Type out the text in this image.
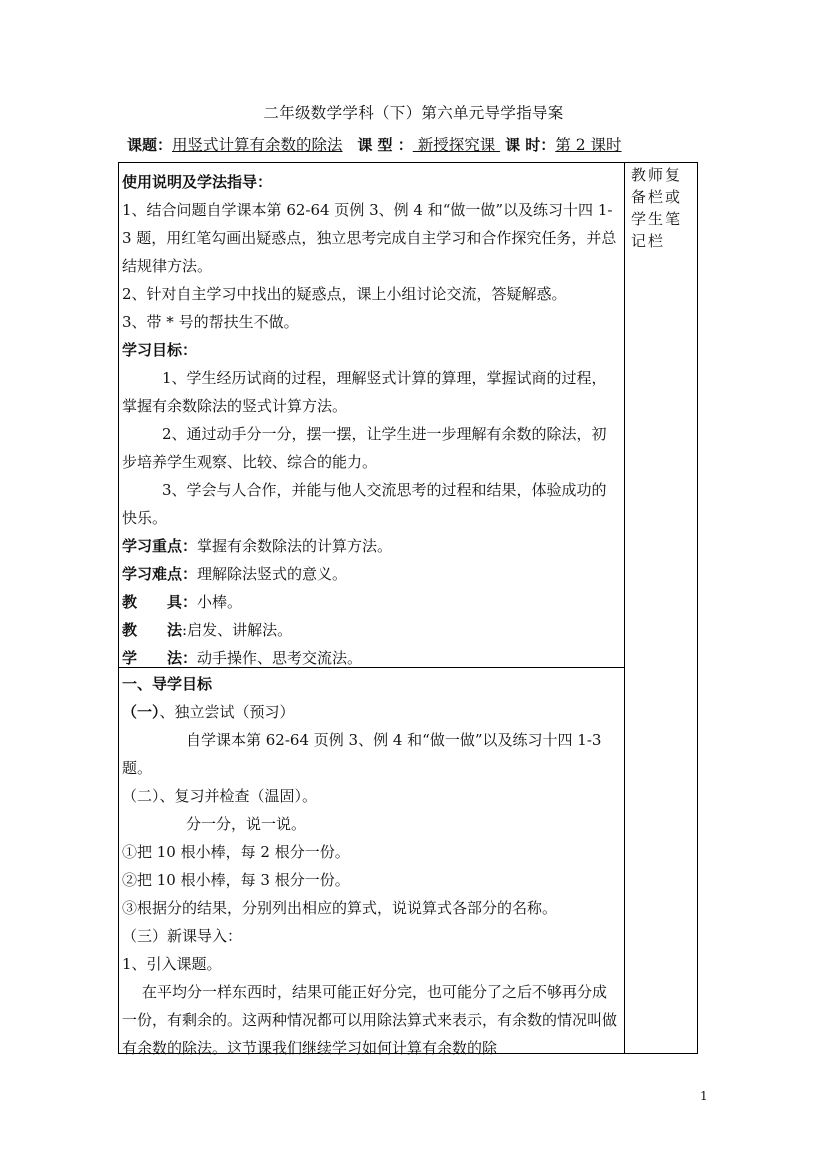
二年级数学学科（下）第六单元导学指导案
课题：用竖式计算有余数的除法 课 型 ： 新授探究课  课 时：第 2 课时
教师复备栏或学生笔记栏

使用说明及学法指导：

1、结合问题自学课本第 62-64 页例 3、例 4 和“做一做”以及练习十四 1-3 题，用红笔勾画出疑惑点，独立思考完成自主学习和合作探究任务，并总结规律方法。

2、针对自主学习中找出的疑惑点，课上小组讨论交流，答疑解惑。

3、带 * 号的帮扶生不做。

学习目标：

1、学生经历试商的过程，理解竖式计算的算理，掌握试商的过程，掌握有余数除法的竖式计算方法。

2、通过动手分一分，摆一摆，让学生进一步理解有余数的除法，初步培养学生观察、比较、综合的能力。

3、学会与人合作，并能与他人交流思考的过程和结果，体验成功的快乐。

学习重点：掌握有余数除法的计算方法。

学习难点：理解除法竖式的意义。

教　　具：小棒。

教　　法:启发、讲解法。

学　　法：动手操作、思考交流法。

一、导学目标

（一）、独立尝试（预习）

自学课本第 62-64 页例 3、例 4 和“做一做”以及练习十四 1-3 题。

（二）、复习并检查（温固）。

分一分，说一说。

①把 10 根小棒，每 2 根分一份。

②把 10 根小棒，每 3 根分一份。

③根据分的结果，分别列出相应的算式，说说算式各部分的名称。

（三）新课导入：

1、引入课题。

在平均分一样东西时，结果可能正好分完，也可能分了之后不够再分成一份，有剩余的。这两种情况都可以用除法算式来表示，有余数的情况叫做有余数的除法。这节课我们继续学习如何计算有余数的除

1
